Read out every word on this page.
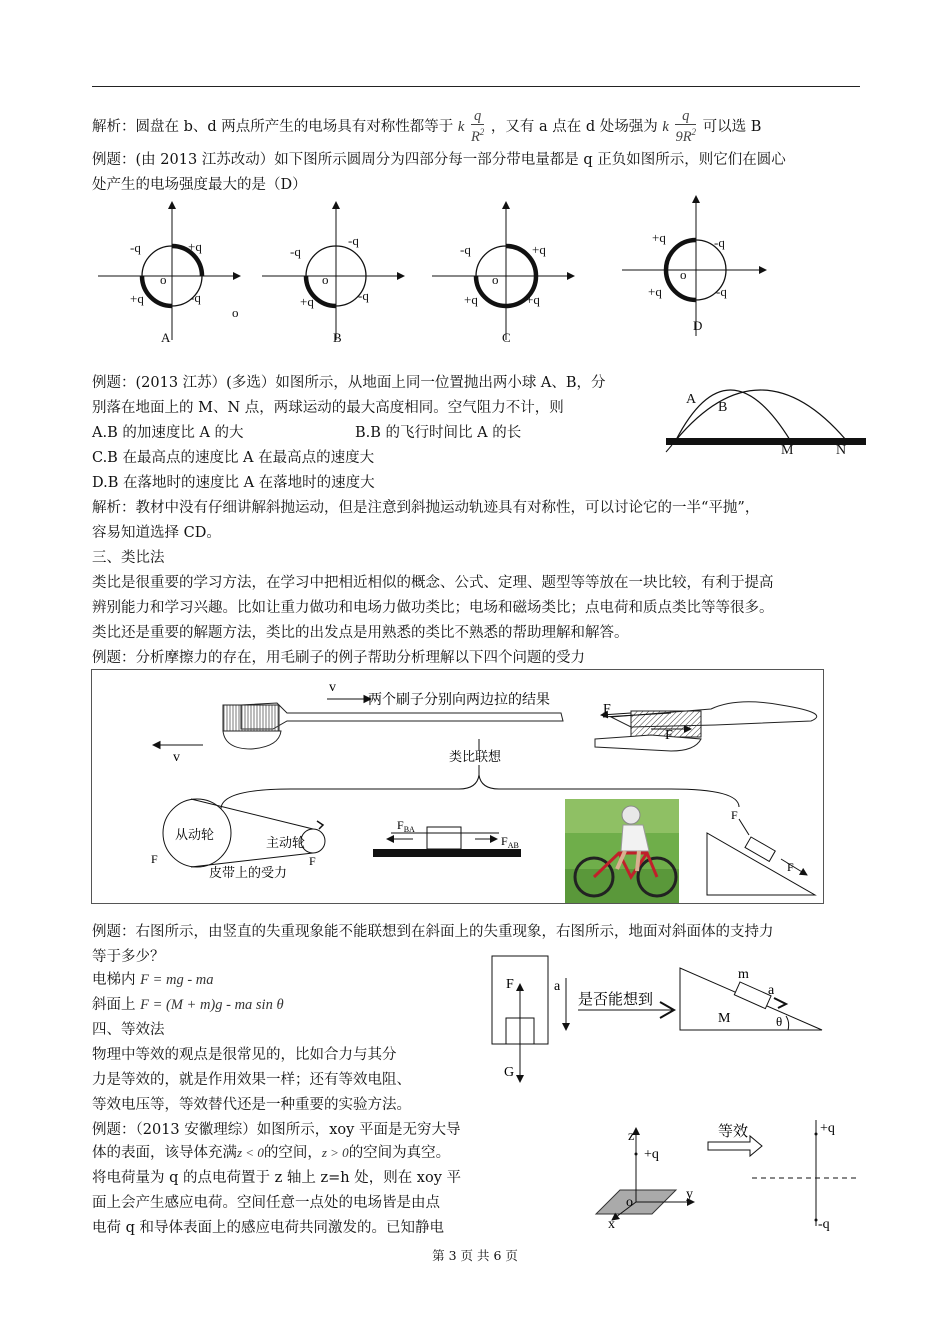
解析：圆盘在 b、d 两点所产生的电场具有对称性都等于 k $\frac{q}{R^2}$ ，又有 a 点在 d 处场强为 k $\frac{q}{9R^2}$ 可以选 B
例题：(由 2013 江苏改动）如下图所示圆周分为四部分每一部分带电量都是 q 正负如图所示，则它们在圆心
处产生的电场强度最大的是（D）
-q	+q
+q	-q
o
A
o
-q
-q
+q	-q
o
B
-q	+q
+q	+q
o
C
+q	-q
+q	-q
o
D
例题：(2013 江苏）(多选）如图所示，从地面上同一位置抛出两小球 A、B，分
别落在地面上的 M、N 点，两球运动的最大高度相同。空气阻力不计，则
A.B 的加速度比 A 的大	B.B 的飞行时间比 A 的长
C.B 在最高点的速度比 A 在最高点的速度大
D.B 在落地时的速度比 A 在落地时的速度大
A
B
M	N
解析：教材中没有仔细讲解斜抛运动，但是注意到斜抛运动轨迹具有对称性，可以讨论它的一半“平抛”，
容易知道选择 CD。
三、类比法
类比是很重要的学习方法，在学习中把相近相似的概念、公式、定理、题型等等放在一块比较，有利于提高
辨别能力和学习兴趣。比如让重力做功和电场力做功类比；电场和磁场类比；点电荷和质点类比等等很多。
类比还是重要的解题方法，类比的出发点是用熟悉的类比不熟悉的帮助理解和解答。
例题：分析摩擦力的存在，用毛刷子的例子帮助分析理解以下四个问题的受力
v
两个刷子分别向两边拉的结果
v
F
F
类比联想
从动轮
主动轮
F	F
皮带上的受力
$F_{BA}$
$F_{AB}$
F
F
例题：右图所示，由竖直的失重现象能不能联想到在斜面上的失重现象，右图所示，地面对斜面体的支持力
等于多少？
电梯内 F = mg - ma
斜面上 F = (M + m)g - ma sin θ
F	a
G
是否能想到
m
a
M	θ
四、等效法
物理中等效的观点是很常见的，比如合力与其分
力是等效的，就是作用效果一样；还有等效电阻、
等效电压等，等效替代还是一种重要的实验方法。
例题：（2013 安徽理综）如图所示，xoy 平面是无穷大导
体的表面，该导体充满z < 0的空间，z > 0的空间为真空。
将电荷量为 q 的点电荷置于 z 轴上 z=h 处，则在 xoy 平
面上会产生感应电荷。空间任意一点处的电场皆是由点
电荷 q 和导体表面上的感应电荷共同激发的。已知静电
z
+q
o
y
x
等效	+q
-q
第 3 页 共 6 页
